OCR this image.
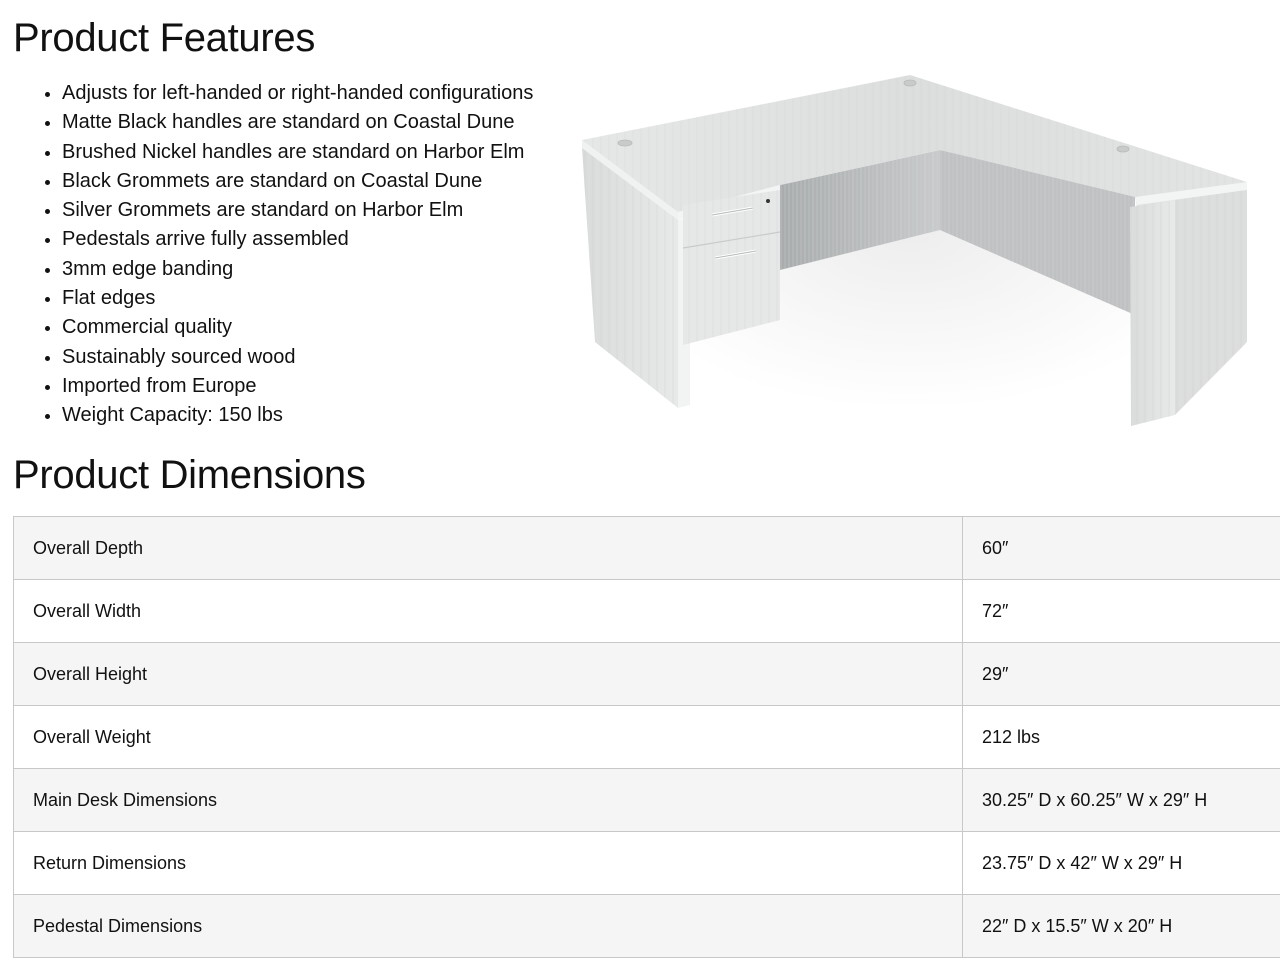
Product Features
• Adjusts for left-handed or right-handed configurations
• Matte Black handles are standard on Coastal Dune
• Brushed Nickel handles are standard on Harbor Elm
• Black Grommets are standard on Coastal Dune
• Silver Grommets are standard on Harbor Elm
• Pedestals arrive fully assembled
• 3mm edge banding
• Flat edges
• Commercial quality
• Sustainably sourced wood
• Imported from Europe
• Weight Capacity: 150 lbs
Product Dimensions
Overall Depth	60″
Overall Width	72″
Overall Height	29″
Overall Weight	212 lbs
Main Desk Dimensions	30.25″ D x 60.25″ W x 29″ H
Return Dimensions	23.75″ D x 42″ W x 29″ H
Pedestal Dimensions	22″ D x 15.5″ W x 20″ H
